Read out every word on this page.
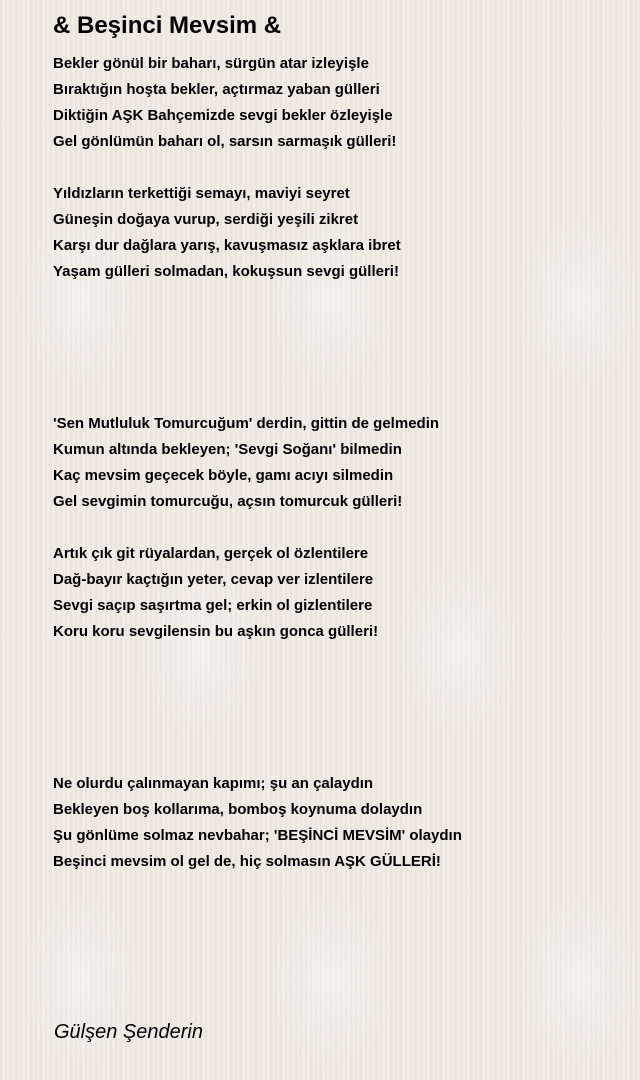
& Beşinci Mevsim &
Bekler gönül bir baharı, sürgün atar izleyişle
Bıraktığın hoşta bekler, açtırmaz yaban gülleri
Diktiğin AŞK Bahçemizde sevgi bekler özleyişle
Gel gönlümün baharı ol, sarsın sarmaşık gülleri!
Yıldızların terkettiği semayı, maviyi seyret
Güneşin doğaya vurup, serdiği yeşili zikret
Karşı dur dağlara yarış, kavuşmasız aşklara ibret
Yaşam gülleri solmadan, kokuşsun sevgi gülleri!
'Sen Mutluluk Tomurcuğum' derdin, gittin de gelmedin
Kumun altında bekleyen; 'Sevgi Soğanı' bilmedin
Kaç mevsim geçecek böyle, gamı acıyı silmedin
Gel sevgimin tomurcuğu, açsın tomurcuk gülleri!
Artık çık git rüyalardan, gerçek ol özlentilere
Dağ-bayır kaçtığın yeter, cevap ver izlentilere
Sevgi saçıp saşırtma gel; erkin ol gizlentilere
Koru koru sevgilensin bu aşkın gonca gülleri!
Ne olurdu çalınmayan kapımı; şu an çalaydın
Bekleyen boş kollarıma, bomboş koynuma dolaydın
Şu gönlüme solmaz nevbahar; 'BEŞİNCİ MEVSİM' olaydın
Beşinci mevsim ol gel de, hiç solmasın AŞK GÜLLERİ!

Gülşen Şenderin
